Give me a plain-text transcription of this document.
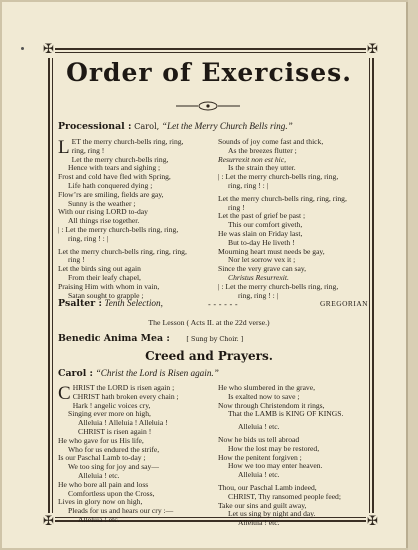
✠	✠
✠	✠
Order of Exercises.
Processional : Carol, “Let the Merry Church Bells ring.”
L ET the merry church-bells ring, ring,
ring, ring !
Let the merry church-bells ring,
Hence with tears and sighing ;
Frost and cold have fled with Spring,
Life hath conquered dying ;
Flow’rs are smiling, fields are gay,
Sunny is the weather ;
With our rising LORD to-day
All things rise together.
| : Let the merry church-bells ring, ring,
ring, ring ! : |
Let the merry church-bells ring, ring, ring,
ring !
Let the birds sing out again
From their leafy chapel,
Praising Him with whom in vain,
Satan sought to grapple ;
Sounds of joy come fast and thick,
As the breezes flutter ;
Resurrexit non est hic,
Is the strain they utter.
| : Let the merry church-bells ring, ring,
ring, ring ! : |
Let the merry church-bells ring, ring, ring,
ring !
Let the past of grief be past ;
This our comfort giveth,
He was slain on Friday last,
But to-day He liveth !
Mourning heart must needs be gay,
Nor let sorrow vex it ;
Since the very grave can say,
Christus Resurrexit.
| : Let the merry church-bells ring, ring,
ring, ring ! : |
Psalter : Tenth Selection,	- - - - - -	GREGORIAN
The Lesson ( Acts II. at the 22d verse.)
Benedic Anima Mea :	[ Sung by Choir. ]
Creed and Prayers.
Carol : “Christ the Lord is Risen again.”
C HRIST the LORD is risen again ;
CHRIST hath broken every chain ;
Hark ! angelic voices cry,
Singing ever more on high,
Alleluia ! Alleluia ! Alleluia !
CHRIST is risen again !
He who gave for us His life,
Who for us endured the strife,
Is our Paschal Lamb to-day ;
We too sing for joy and say—
Alleluia ! etc.
He who bore all pain and loss
Comfortless upon the Cross,
Lives in glory now on high,
Pleads for us and hears our cry :—
Alleluia ! etc.
He who slumbered in the grave,
Is exalted now to save ;
Now through Christendom it rings,
That the LAMB is KING OF KINGS.
Alleluia ! etc.
Now he bids us tell abroad
How the lost may be restored,
How the penitent forgiven ;
How we too may enter heaven.
Alleluia ! etc.
Thou, our Paschal Lamb indeed,
CHRIST, Thy ransomed people feed;
Take our sins and guilt away,
Let us sing by night and day.
Alleluia ! etc.
